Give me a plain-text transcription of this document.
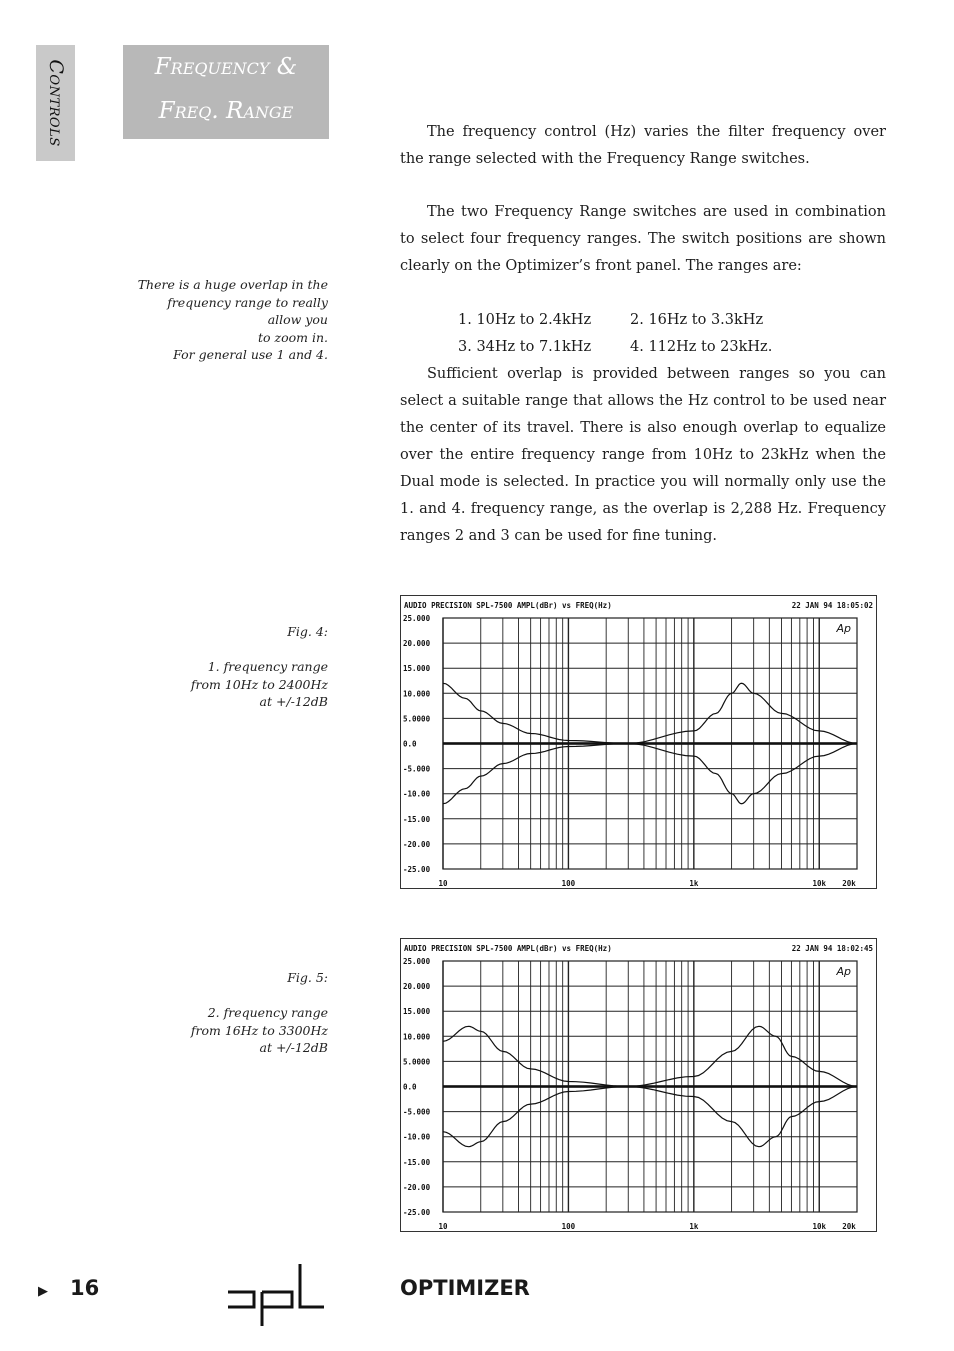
Controls	Frequency &
Freq. Range

The frequency control (Hz) varies the filter frequency over the range selected with the Frequency Range switches.

The two Frequency Range switches are used in combination to select four frequency ranges. The switch positions are shown clearly on the Optimizer’s front panel. The ranges are:

1. 10Hz to 2.4kHz	2. 16Hz to 3.3kHz
3. 34Hz to 7.1kHz	4. 112Hz to 23kHz.

Sufficient overlap is provided between ranges so you can select a suitable range that allows the Hz control to be used near the center of its travel. There is also enough overlap to equalize over the entire frequency range from 10Hz to 23kHz when the Dual mode is selected. In practice you will normally only use the 1. and 4. frequency range, as the overlap is 2,288 Hz. Frequency ranges 2 and 3 can be used for fine tuning.

There is a huge overlap in the
frequency range to really
allow you
to zoom in.
For general use 1 and 4.
Fig. 4:

1. frequency range
from 10Hz to 2400Hz
at +/-12dB
Fig. 5:

2. frequency range
from 16Hz to 3300Hz
at +/-12dB
AUDIO PRECISION SPL-7500 AMPL(dBr) vs FREQ(Hz)	22 JAN 94 18:05:02
25.000
20.000
15.000
10.000
5.0000
0.0
-5.000
-10.00
-15.00
-20.00
-25.00
10	100	1k	10k 20k
Ap
AUDIO PRECISION SPL-7500 AMPL(dBr) vs FREQ(Hz)	22 JAN 94 18:02:45
25.000
20.000
15.000
10.000
5.0000
0.0
-5.000
-10.00
-15.00
-20.00
-25.00
10	100	1k	10k 20k
Ap
▶ 16	OPTIMIZER
